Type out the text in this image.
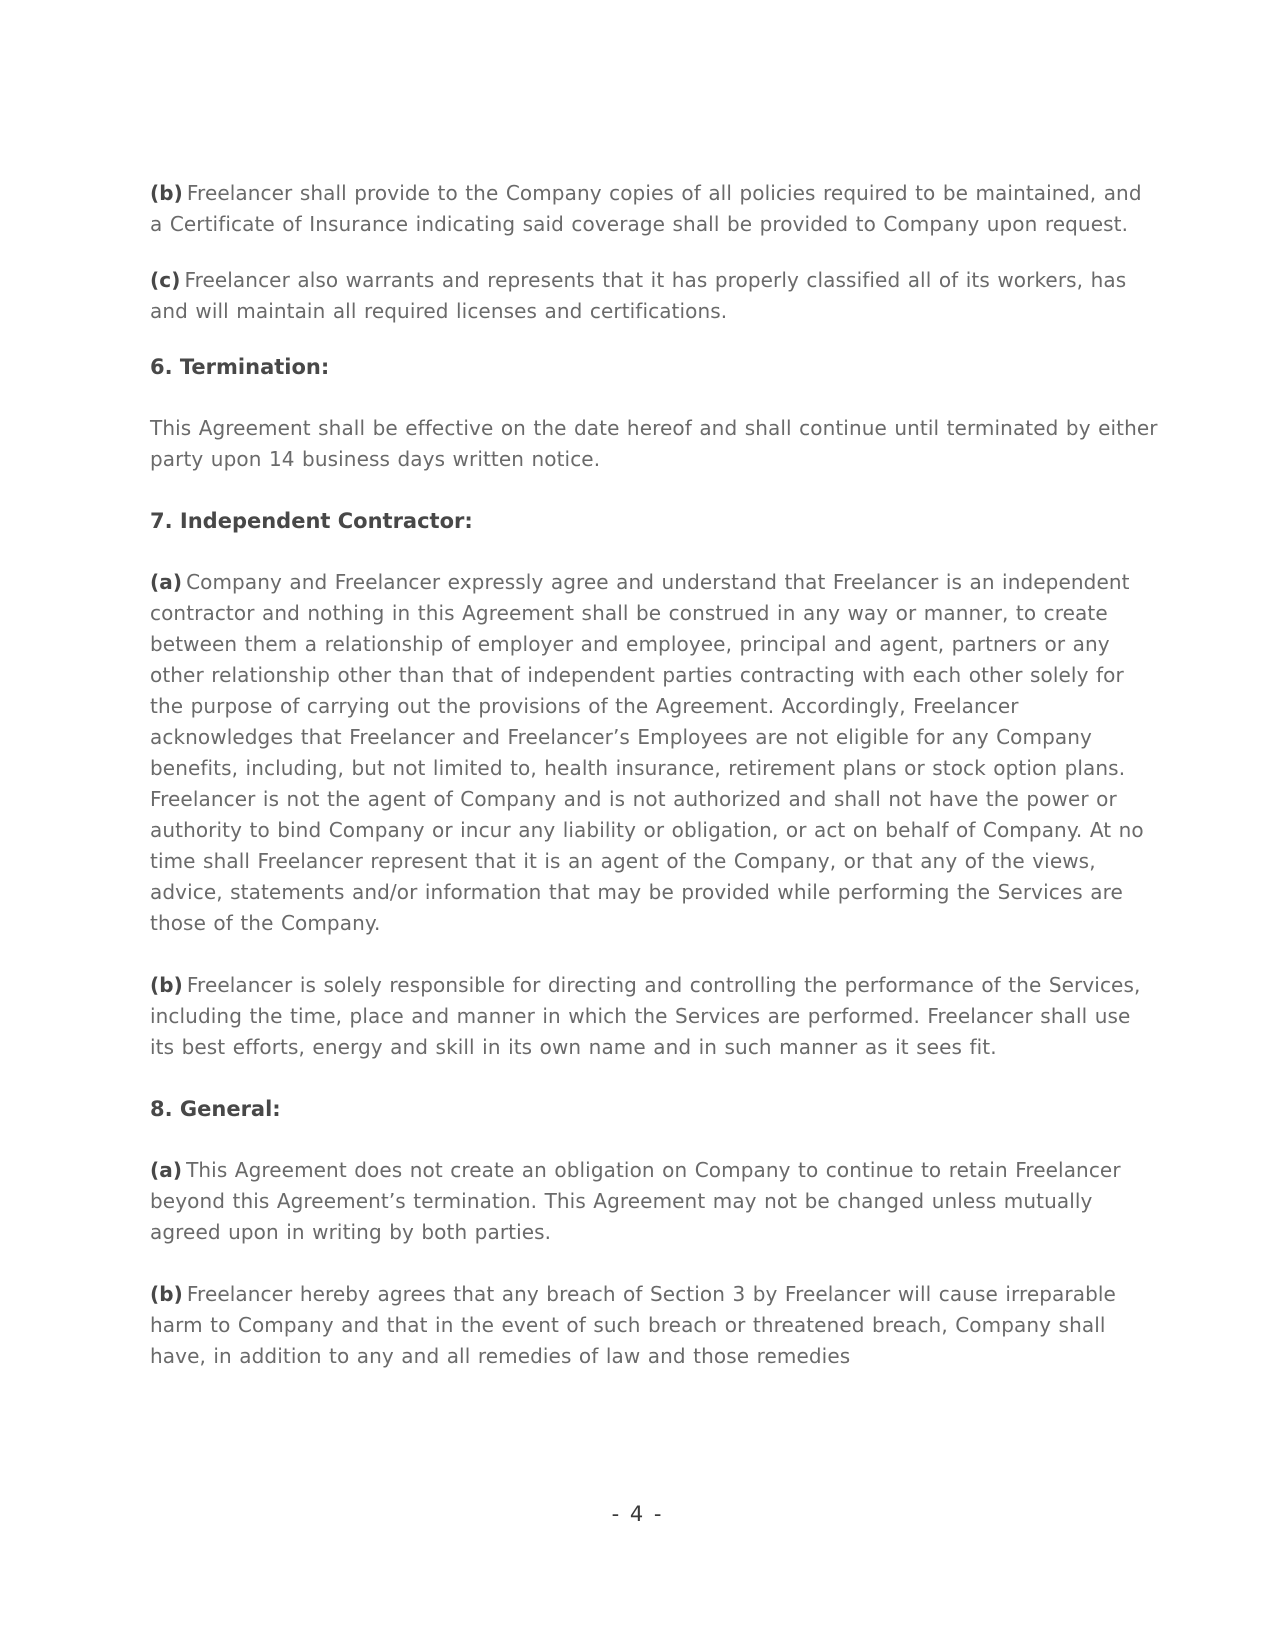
(b) Freelancer shall provide to the Company copies of all policies required to be maintained, and a Certificate of Insurance indicating said coverage shall be provided to Company upon request.

(c) Freelancer also warrants and represents that it has properly classified all of its workers, has and will maintain all required licenses and certifications.

6. Termination:

This Agreement shall be effective on the date hereof and shall continue until terminated by either party upon 14 business days written notice.

7. Independent Contractor:

(a) Company and Freelancer expressly agree and understand that Freelancer is an independent contractor and nothing in this Agreement shall be construed in any way or manner, to create between them a relationship of employer and employee, principal and agent, partners or any other relationship other than that of independent parties contracting with each other solely for the purpose of carrying out the provisions of the Agreement. Accordingly, Freelancer acknowledges that Freelancer and Freelancer’s Employees are not eligible for any Company benefits, including, but not limited to, health insurance, retirement plans or stock option plans. Freelancer is not the agent of Company and is not authorized and shall not have the power or authority to bind Company or incur any liability or obligation, or act on behalf of Company. At no time shall Freelancer represent that it is an agent of the Company, or that any of the views, advice, statements and/or information that may be provided while performing the Services are those of the Company.

(b) Freelancer is solely responsible for directing and controlling the performance of the Services, including the time, place and manner in which the Services are performed. Freelancer shall use its best efforts, energy and skill in its own name and in such manner as it sees fit.

8. General:

(a) This Agreement does not create an obligation on Company to continue to retain Freelancer beyond this Agreement’s termination. This Agreement may not be changed unless mutually agreed upon in writing by both parties.

(b) Freelancer hereby agrees that any breach of Section 3 by Freelancer will cause irreparable harm to Company and that in the event of such breach or threatened breach, Company shall have, in addition to any and all remedies of law and those remedies

- 4 -
